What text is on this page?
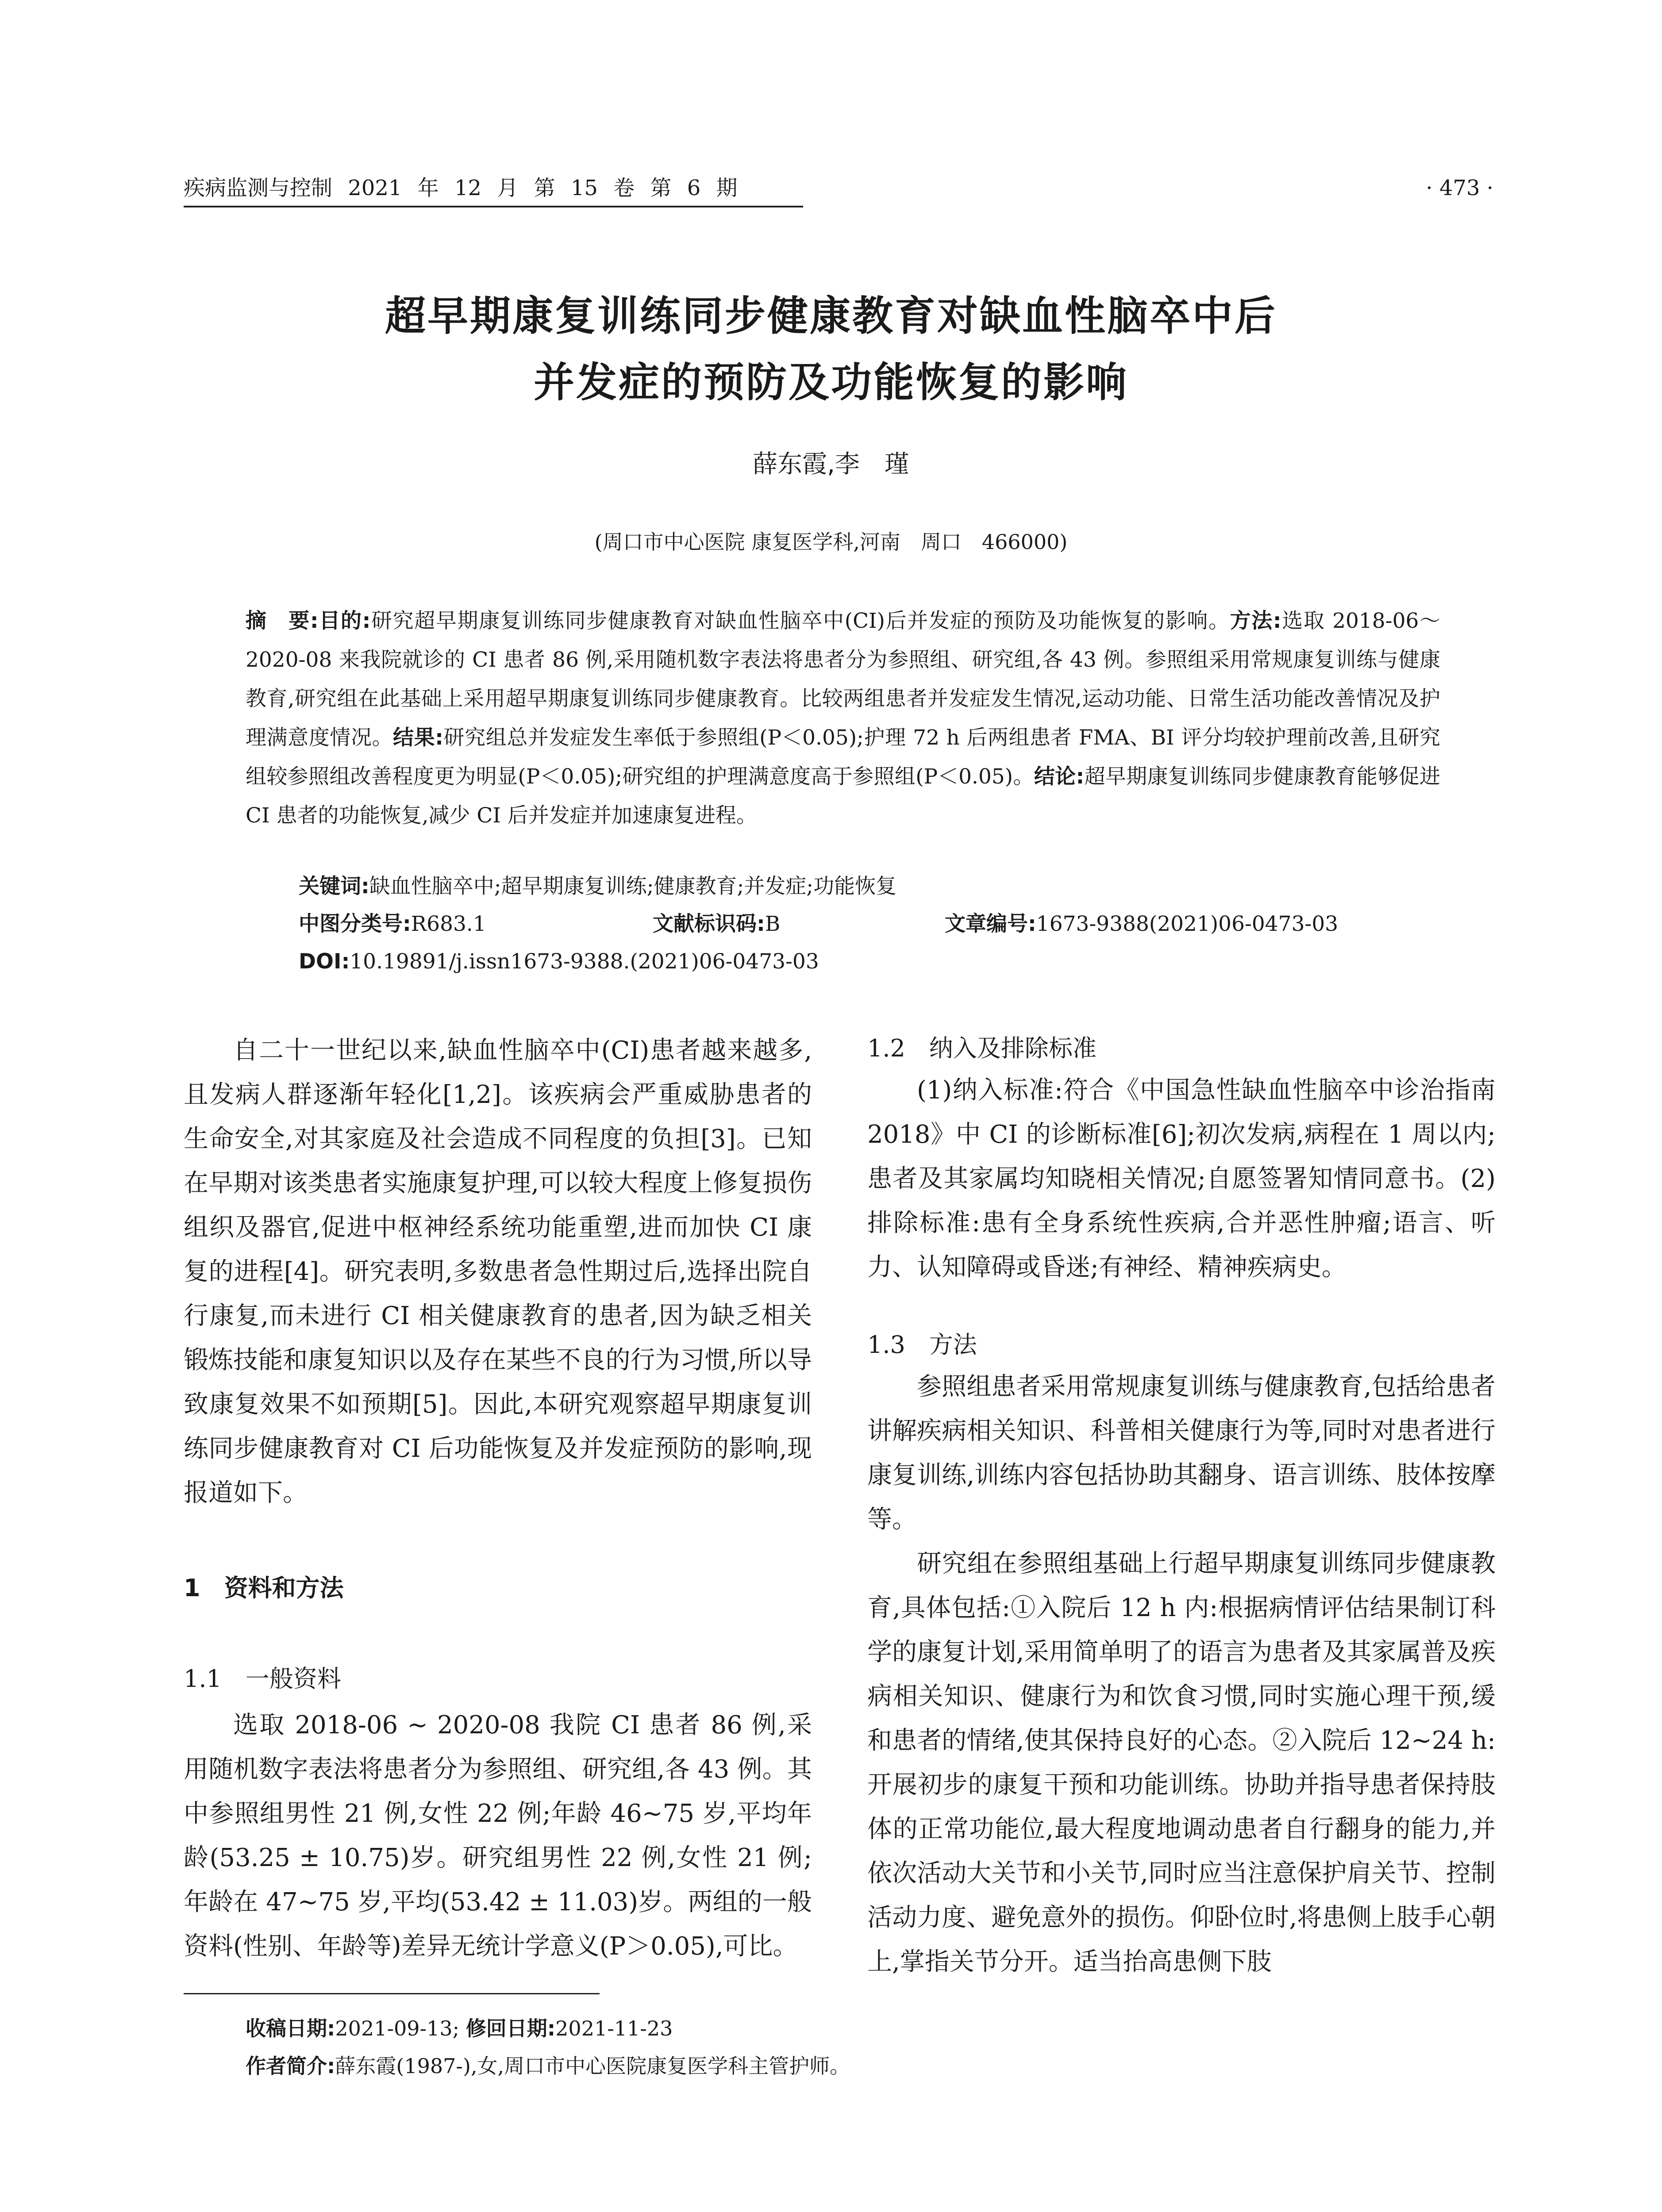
疾病监测与控制 2021 年 12 月 第 15 卷 第 6 期	· 473 ·
超早期康复训练同步健康教育对缺血性脑卒中后
并发症的预防及功能恢复的影响
薛东霞,李　瑾
(周口市中心医院 康复医学科,河南　周口　466000)
摘　要:目的:研究超早期康复训练同步健康教育对缺血性脑卒中(CI)后并发症的预防及功能恢复的影响。方法:选取 2018-06～2020-08 来我院就诊的 CI 患者 86 例,采用随机数字表法将患者分为参照组、研究组,各 43 例。参照组采用常规康复训练与健康教育,研究组在此基础上采用超早期康复训练同步健康教育。比较两组患者并发症发生情况,运动功能、日常生活功能改善情况及护理满意度情况。结果:研究组总并发症发生率低于参照组(P＜0.05);护理 72 h 后两组患者 FMA、BI 评分均较护理前改善,且研究组较参照组改善程度更为明显(P＜0.05);研究组的护理满意度高于参照组(P＜0.05)。结论:超早期康复训练同步健康教育能够促进 CI 患者的功能恢复,减少 CI 后并发症并加速康复进程。
关键词:缺血性脑卒中;超早期康复训练;健康教育;并发症;功能恢复
中图分类号:R683.1	文献标识码:B	文章编号:1673-9388(2021)06-0473-03
DOI:10.19891/j.issn1673-9388.(2021)06-0473-03

自二十一世纪以来,缺血性脑卒中(CI)患者越来越多,且发病人群逐渐年轻化[1,2]。该疾病会严重威胁患者的生命安全,对其家庭及社会造成不同程度的负担[3]。已知在早期对该类患者实施康复护理,可以较大程度上修复损伤组织及器官,促进中枢神经系统功能重塑,进而加快 CI 康复的进程[4]。研究表明,多数患者急性期过后,选择出院自行康复,而未进行 CI 相关健康教育的患者,因为缺乏相关锻炼技能和康复知识以及存在某些不良的行为习惯,所以导致康复效果不如预期[5]。因此,本研究观察超早期康复训练同步健康教育对 CI 后功能恢复及并发症预防的影响,现报道如下。

1　资料和方法
1.1　一般资料

选取 2018-06 ~ 2020-08 我院 CI 患者 86 例,采用随机数字表法将患者分为参照组、研究组,各 43 例。其中参照组男性 21 例,女性 22 例;年龄 46~75 岁,平均年龄(53.25 ± 10.75)岁。研究组男性 22 例,女性 21 例;年龄在 47~75 岁,平均(53.42 ± 11.03)岁。两组的一般资料(性别、年龄等)差异无统计学意义(P＞0.05),可比。

1.2　纳入及排除标准

(1)纳入标准:符合《中国急性缺血性脑卒中诊治指南 2018》中 CI 的诊断标准[6];初次发病,病程在 1 周以内;患者及其家属均知晓相关情况;自愿签署知情同意书。(2)排除标准:患有全身系统性疾病,合并恶性肿瘤;语言、听力、认知障碍或昏迷;有神经、精神疾病史。

1.3　方法

参照组患者采用常规康复训练与健康教育,包括给患者讲解疾病相关知识、科普相关健康行为等,同时对患者进行康复训练,训练内容包括协助其翻身、语言训练、肢体按摩等。

研究组在参照组基础上行超早期康复训练同步健康教育,具体包括:①入院后 12 h 内:根据病情评估结果制订科学的康复计划,采用简单明了的语言为患者及其家属普及疾病相关知识、健康行为和饮食习惯,同时实施心理干预,缓和患者的情绪,使其保持良好的心态。②入院后 12~24 h:开展初步的康复干预和功能训练。协助并指导患者保持肢体的正常功能位,最大程度地调动患者自行翻身的能力,并依次活动大关节和小关节,同时应当注意保护肩关节、控制活动力度、避免意外的损伤。仰卧位时,将患侧上肢手心朝上,掌指关节分开。适当抬高患侧下肢

收稿日期:2021-09-13; 修回日期:2021-11-23
作者简介:薛东霞(1987-),女,周口市中心医院康复医学科主管护师。
